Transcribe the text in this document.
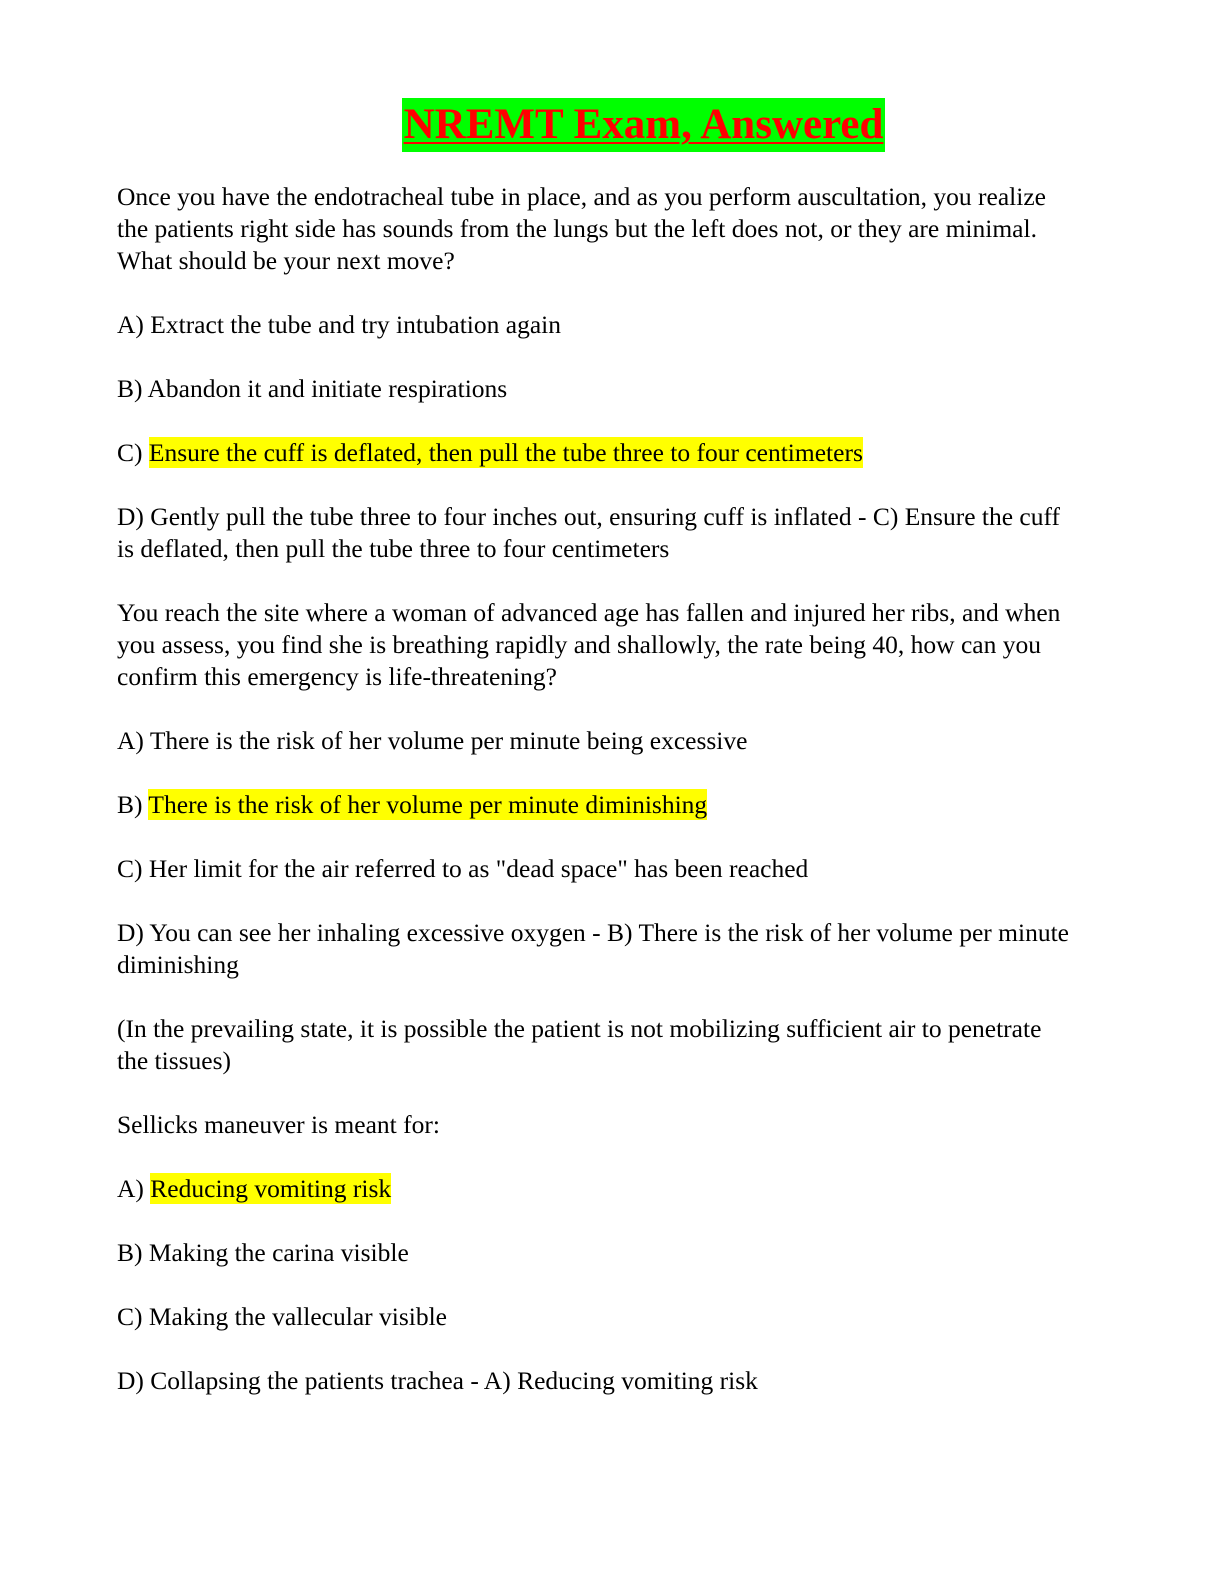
NREMT Exam, Answered

Once you have the endotracheal tube in place, and as you perform auscultation, you realize the patients right side has sounds from the lungs but the left does not, or they are minimal. What should be your next move?

A) Extract the tube and try intubation again

B) Abandon it and initiate respirations

C) Ensure the cuff is deflated, then pull the tube three to four centimeters

D) Gently pull the tube three to four inches out, ensuring cuff is inflated - C) Ensure the cuff is deflated, then pull the tube three to four centimeters

You reach the site where a woman of advanced age has fallen and injured her ribs, and when you assess, you find she is breathing rapidly and shallowly, the rate being 40, how can you confirm this emergency is life-threatening?

A) There is the risk of her volume per minute being excessive

B) There is the risk of her volume per minute diminishing

C) Her limit for the air referred to as "dead space" has been reached

D) You can see her inhaling excessive oxygen - B) There is the risk of her volume per minute diminishing

(In the prevailing state, it is possible the patient is not mobilizing sufficient air to penetrate the tissues)

Sellicks maneuver is meant for:

A) Reducing vomiting risk

B) Making the carina visible

C) Making the vallecular visible

D) Collapsing the patients trachea - A) Reducing vomiting risk
